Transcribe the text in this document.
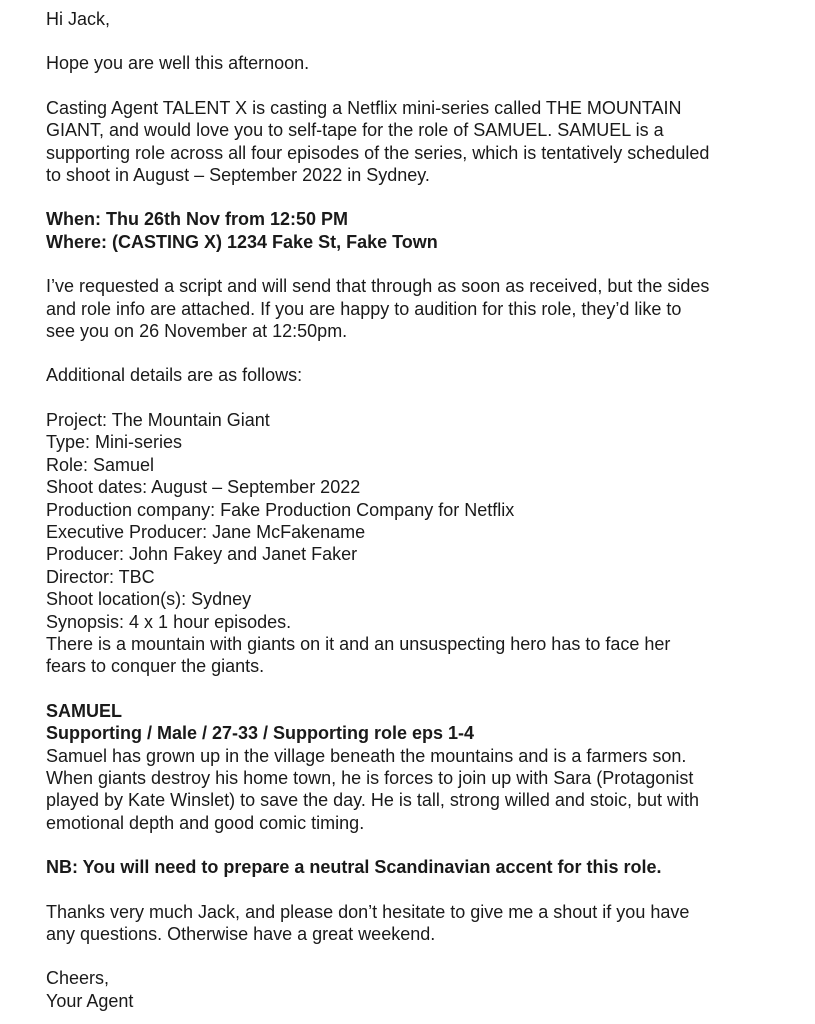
Hi Jack,

Hope you are well this afternoon.

Casting Agent TALENT X is casting a Netflix mini-series called THE MOUNTAIN

GIANT, and would love you to self-tape for the role of SAMUEL. SAMUEL is a

supporting role across all four episodes of the series, which is tentatively scheduled

to shoot in August – September 2022 in Sydney.

When: Thu 26th Nov from 12:50 PM

Where: (CASTING X) 1234 Fake St, Fake Town

I’ve requested a script and will send that through as soon as received, but the sides

and role info are attached. If you are happy to audition for this role, they’d like to

see you on 26 November at 12:50pm.

Additional details are as follows:

Project: The Mountain Giant

Type: Mini-series

Role: Samuel

Shoot dates: August – September 2022

Production company: Fake Production Company for Netflix

Executive Producer: Jane McFakename

Producer: John Fakey and Janet Faker

Director: TBC

Shoot location(s): Sydney

Synopsis: 4 x 1 hour episodes.

There is a mountain with giants on it and an unsuspecting hero has to face her

fears to conquer the giants.

SAMUEL

Supporting / Male / 27-33 / Supporting role eps 1-4

Samuel has grown up in the village beneath the mountains and is a farmers son.

When giants destroy his home town, he is forces to join up with Sara (Protagonist

played by Kate Winslet) to save the day. He is tall, strong willed and stoic, but with

emotional depth and good comic timing.

NB: You will need to prepare a neutral Scandinavian accent for this role.

Thanks very much Jack, and please don’t hesitate to give me a shout if you have

any questions. Otherwise have a great weekend.

Cheers,

Your Agent
